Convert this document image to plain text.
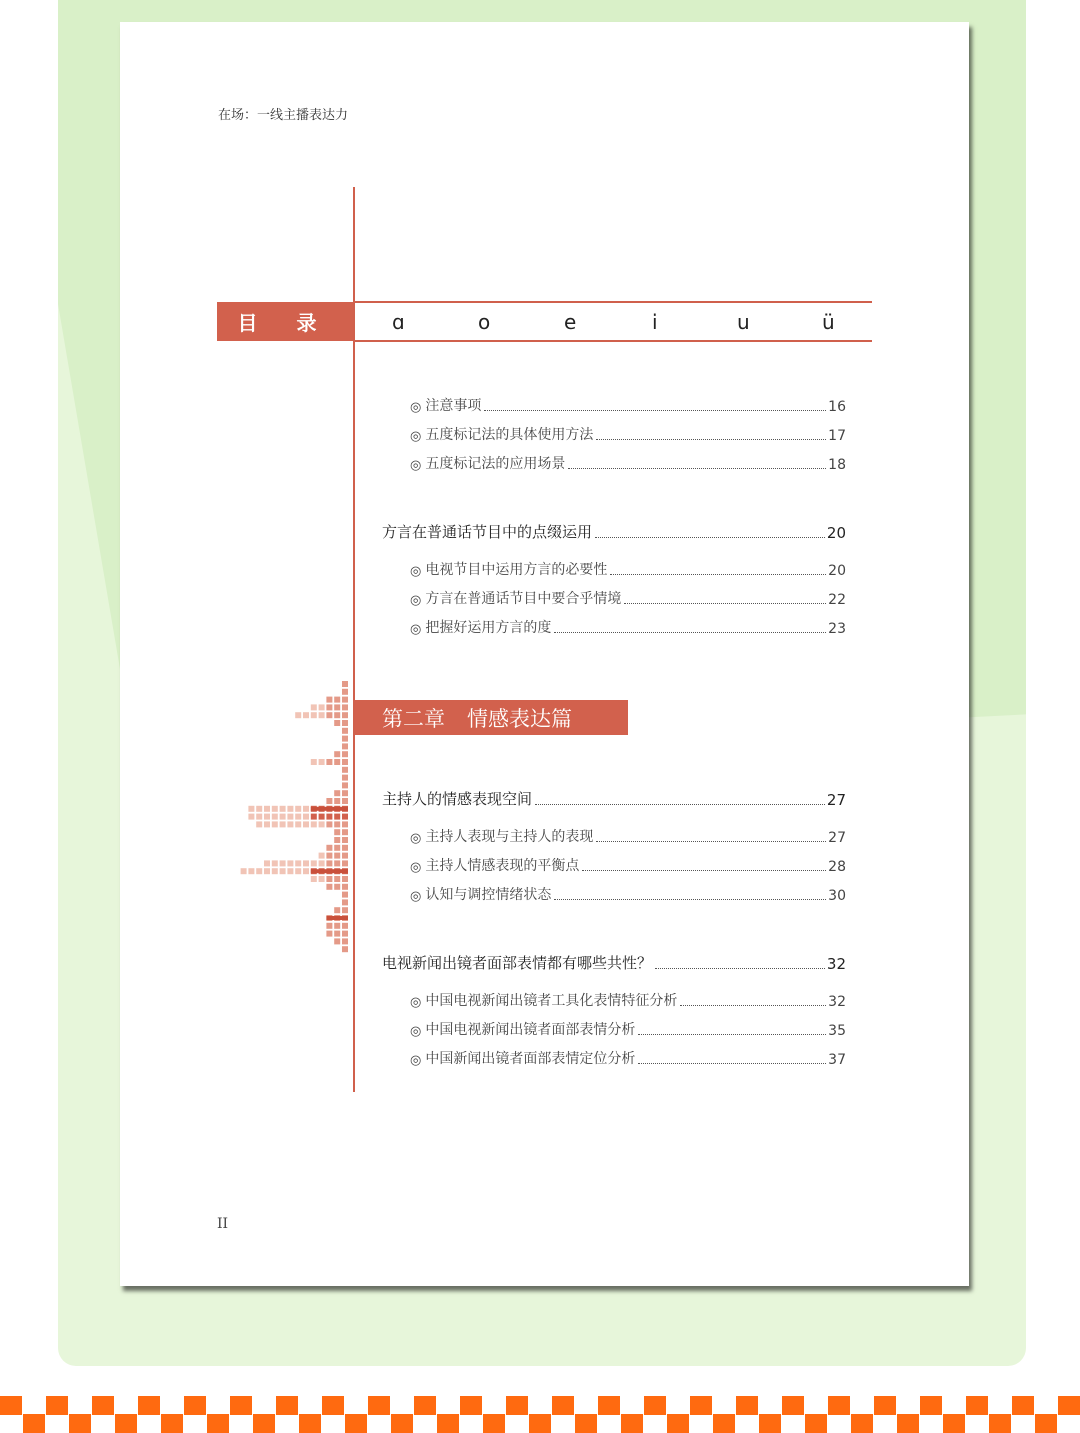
在场：一线主播表达力
目 录	ɑ	o	e	i	u	ü
◎ 注意事项	16
◎ 五度标记法的具体使用方法	17
◎ 五度标记法的应用场景	18
方言在普通话节目中的点缀运用	20
◎ 电视节目中运用方言的必要性	20
◎ 方言在普通话节目中要合乎情境	22
◎ 把握好运用方言的度	23
第二章 情感表达篇
主持人的情感表现空间	27
◎ 主持人表现与主持人的表现	27
◎ 主持人情感表现的平衡点	28
◎ 认知与调控情绪状态	30
电视新闻出镜者面部表情都有哪些共性？	32
◎ 中国电视新闻出镜者工具化表情特征分析	32
◎ 中国电视新闻出镜者面部表情分析	35
◎ 中国新闻出镜者面部表情定位分析	37
II
